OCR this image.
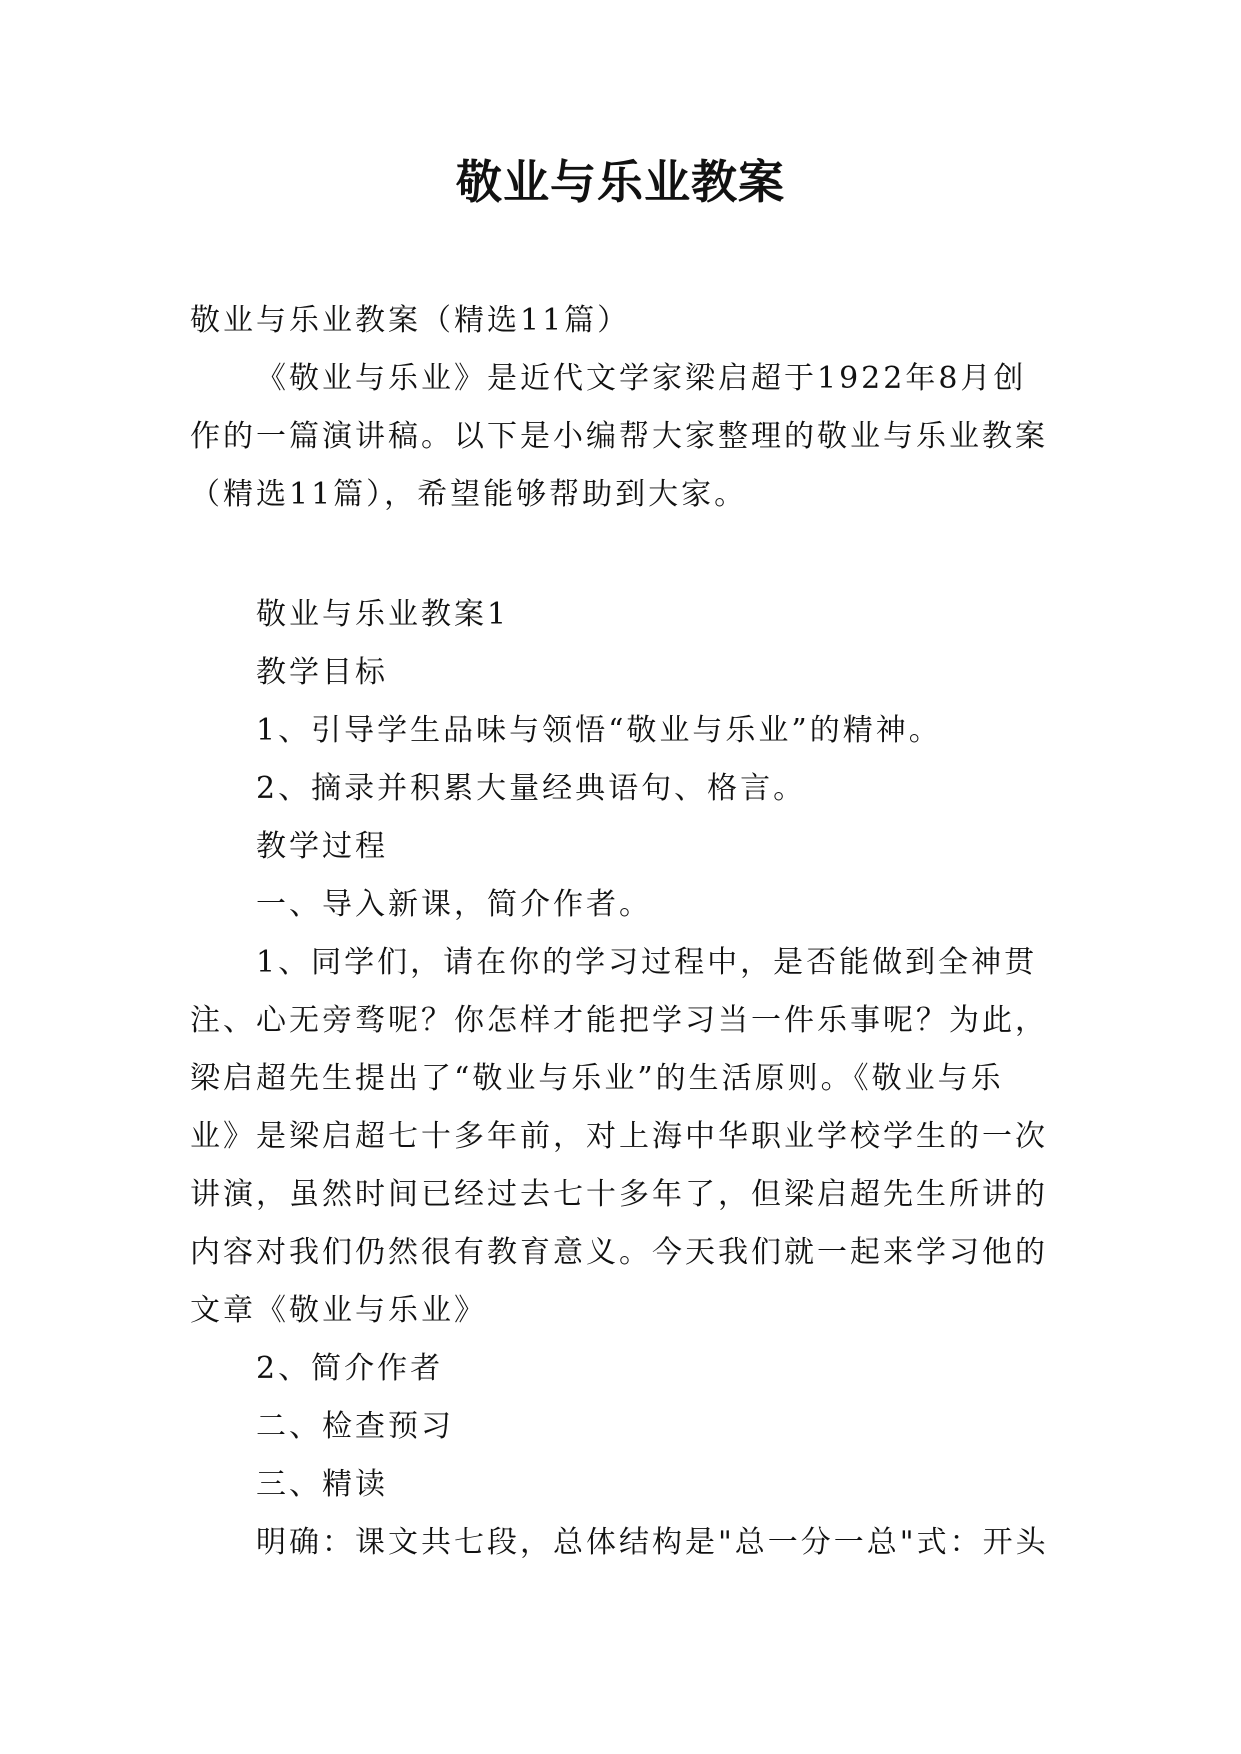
敬业与乐业教案
敬业与乐业教案（精选11篇）
《敬业与乐业》是近代文学家梁启超于1922年8月创
作的一篇演讲稿。以下是小编帮大家整理的敬业与乐业教案
（精选11篇），希望能够帮助到大家。
敬业与乐业教案1
教学目标
1、引导学生品味与领悟“敬业与乐业”的精神。
2、摘录并积累大量经典语句、格言。
教学过程
一、导入新课，简介作者。
1、同学们，请在你的学习过程中，是否能做到全神贯
注、心无旁骛呢？你怎样才能把学习当一件乐事呢？为此，
梁启超先生提出了“敬业与乐业”的生活原则。《敬业与乐
业》是梁启超七十多年前，对上海中华职业学校学生的一次
讲演，虽然时间已经过去七十多年了，但梁启超先生所讲的
内容对我们仍然很有教育意义。今天我们就一起来学习他的
文章《敬业与乐业》
2、简介作者
二、检查预习
三、精读
明确：课文共七段，总体结构是"总一分一总"式：开头
